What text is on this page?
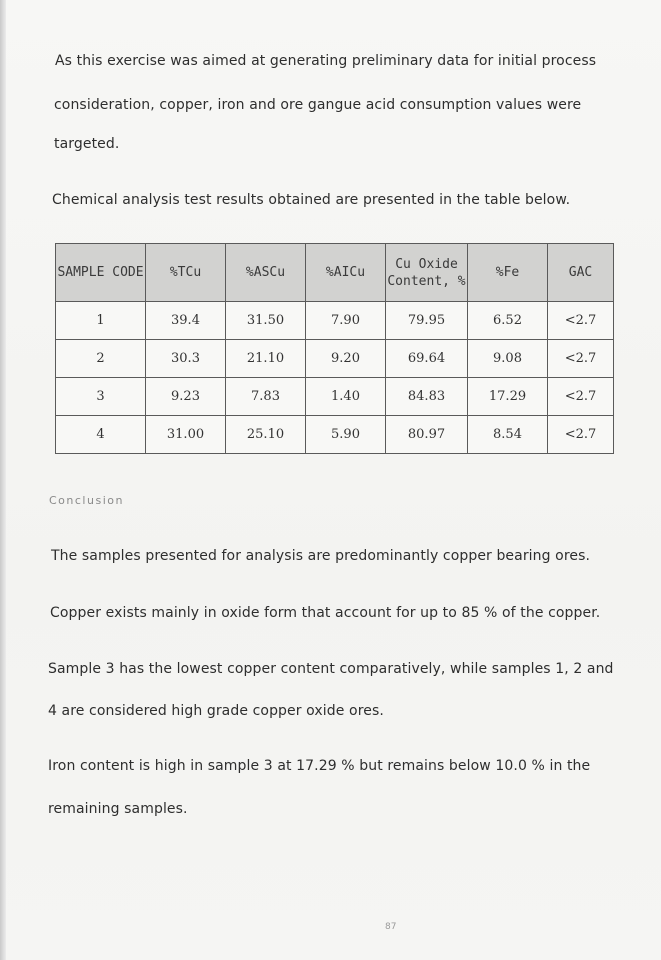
As this exercise was aimed at generating preliminary data for initial process
consideration, copper, iron and ore gangue acid consumption values were
targeted.
Chemical analysis test results obtained are presented in the table below.
SAMPLE CODE	%TCu	%ASCu	%AICu	Cu Oxide Content, %	%Fe	GAC
1	39.4	31.50	7.90	79.95	6.52	<2.7
2	30.3	21.10	9.20	69.64	9.08	<2.7
3	9.23	7.83	1.40	84.83	17.29	<2.7
4	31.00	25.10	5.90	80.97	8.54	<2.7
Conclusion
The samples presented for analysis are predominantly copper bearing ores.
Copper exists mainly in oxide form that account for up to 85 % of the copper.
Sample 3 has the lowest copper content comparatively, while samples 1, 2 and
4 are considered high grade copper oxide ores.
Iron content is high in sample 3 at 17.29 % but remains below 10.0 % in the
remaining samples.
87
